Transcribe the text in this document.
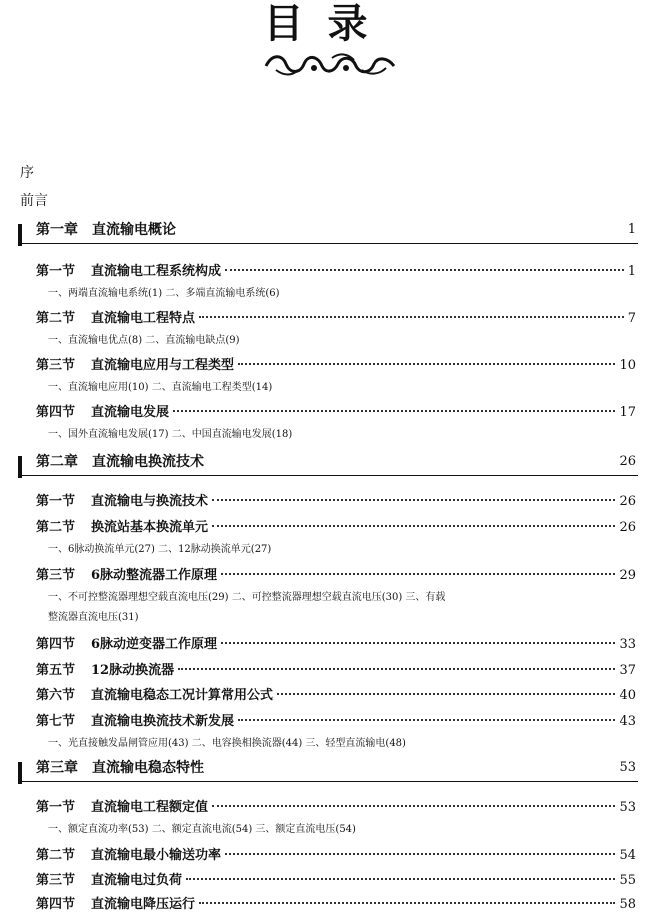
目录
序
前言
第一章 直流输电概论	1
第一节 直流输电工程系统构成	1
一、两端直流输电系统(1) 二、多端直流输电系统(6)
第二节 直流输电工程特点	7
一、直流输电优点(8) 二、直流输电缺点(9)
第三节 直流输电应用与工程类型	10
一、直流输电应用(10) 二、直流输电工程类型(14)
第四节 直流输电发展	17
一、国外直流输电发展(17) 二、中国直流输电发展(18)
第二章 直流输电换流技术	26
第一节 直流输电与换流技术	26
第二节 换流站基本换流单元	26
一、6脉动换流单元(27) 二、12脉动换流单元(27)
第三节 6脉动整流器工作原理	29
一、不可控整流器理想空载直流电压(29) 二、可控整流器理想空载直流电压(30) 三、有载
整流器直流电压(31)
第四节 6脉动逆变器工作原理	33
第五节 12脉动换流器	37
第六节 直流输电稳态工况计算常用公式	40
第七节 直流输电换流技术新发展	43
一、光直接触发晶闸管应用(43) 二、电容换相换流器(44) 三、轻型直流输电(48)
第三章 直流输电稳态特性	53
第一节 直流输电工程额定值	53
一、额定直流功率(53) 二、额定直流电流(54) 三、额定直流电压(54)
第二节 直流输电最小输送功率	54
第三节 直流输电过负荷	55
第四节 直流输电降压运行	58
